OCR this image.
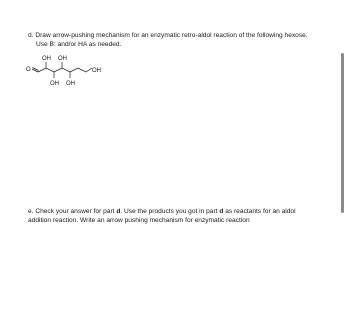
d. Draw arrow-pushing mechanism for an enzymatic retro-aldol reaction of the following hexose.
Use B: and/or HA as needed.
O
OH OH
OH OH
OH
e. Check your answer for part d. Use the products you got in part d as reactants for an aldol
addition reaction. Write an arrow pushing mechanism for enzymatic reaction
